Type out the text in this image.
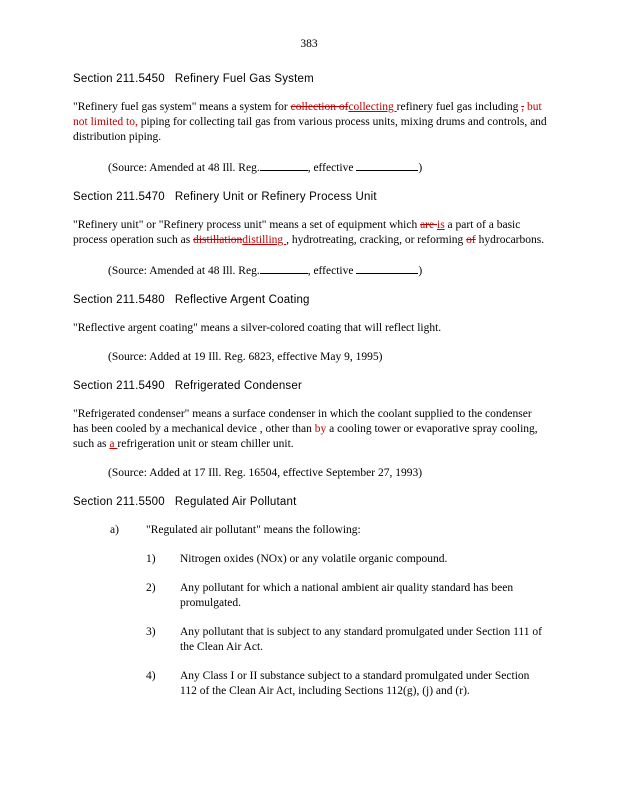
383

Section 211.5450 Refinery Fuel Gas System

"Refinery fuel gas system" means a system for collection ofcollecting refinery fuel gas including , but not limited to, piping for collecting tail gas from various process units, mixing drums and controls, and distribution piping.

(Source: Amended at 48 Ill. Reg.	, effective	)

Section 211.5470 Refinery Unit or Refinery Process Unit

"Refinery unit" or "Refinery process unit" means a set of equipment which are is a part of a basic process operation such as distillationdistilling , hydrotreating, cracking, or reforming of hydrocarbons.

(Source: Amended at 48 Ill. Reg.	, effective	)

Section 211.5480 Reflective Argent Coating

"Reflective argent coating" means a silver-colored coating that will reflect light.

(Source: Added at 19 Ill. Reg. 6823, effective May 9, 1995)

Section 211.5490 Refrigerated Condenser

"Refrigerated condenser" means a surface condenser in which the coolant supplied to the condenser has been cooled by a mechanical device , other than by a cooling tower or evaporative spray cooling, such as a refrigeration unit or steam chiller unit.

(Source: Added at 17 Ill. Reg. 16504, effective September 27, 1993)

Section 211.5500 Regulated Air Pollutant

a) "Regulated air pollutant" means the following:
1) Nitrogen oxides (NOx) or any volatile organic compound.
2) Any pollutant for which a national ambient air quality standard has been promulgated.
3) Any pollutant that is subject to any standard promulgated under Section 111 of the Clean Air Act.
4) Any Class I or II substance subject to a standard promulgated under Section 112 of the Clean Air Act, including Sections 112(g), (j) and (r).
